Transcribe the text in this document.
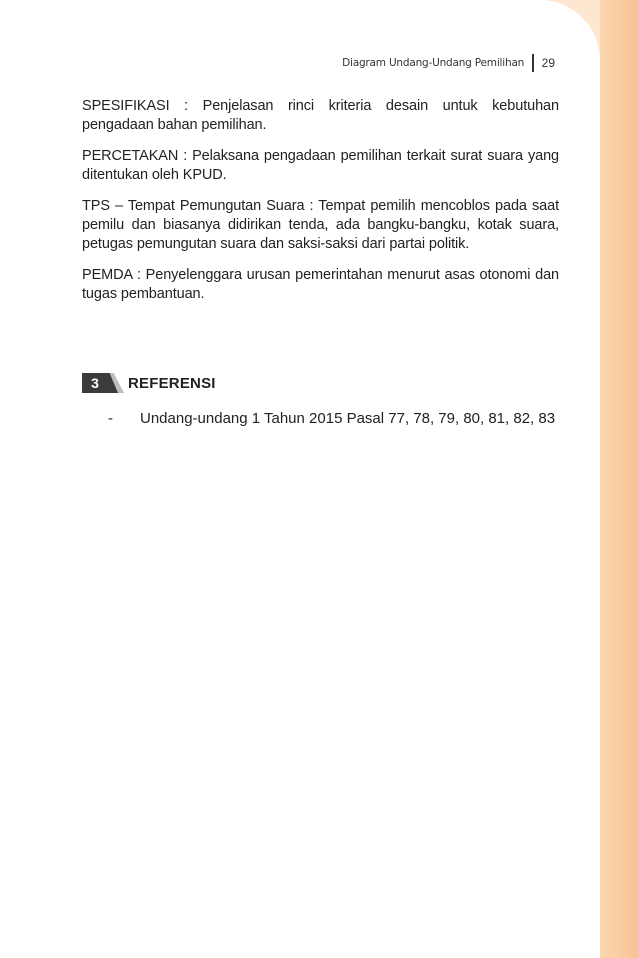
Diagram Undang-Undang Pemilihan 29

SPESIFIKASI : Penjelasan rinci kriteria desain untuk kebutuhan pengadaan bahan pemilihan.

PERCETAKAN : Pelaksana pengadaan pemilihan terkait surat suara yang ditentukan oleh KPUD.

TPS – Tempat Pemungutan Suara : Tempat pemilih mencoblos pada saat pemilu dan biasanya didirikan tenda, ada bangku-bangku, kotak suara, petugas pemungutan suara dan saksi-saksi dari partai politik.

PEMDA : Penyelenggara urusan pemerintahan menurut asas otonomi dan tugas pembantuan.

3	REFERENSI
-	Undang-undang 1 Tahun 2015 Pasal 77, 78, 79, 80, 81, 82, 83
